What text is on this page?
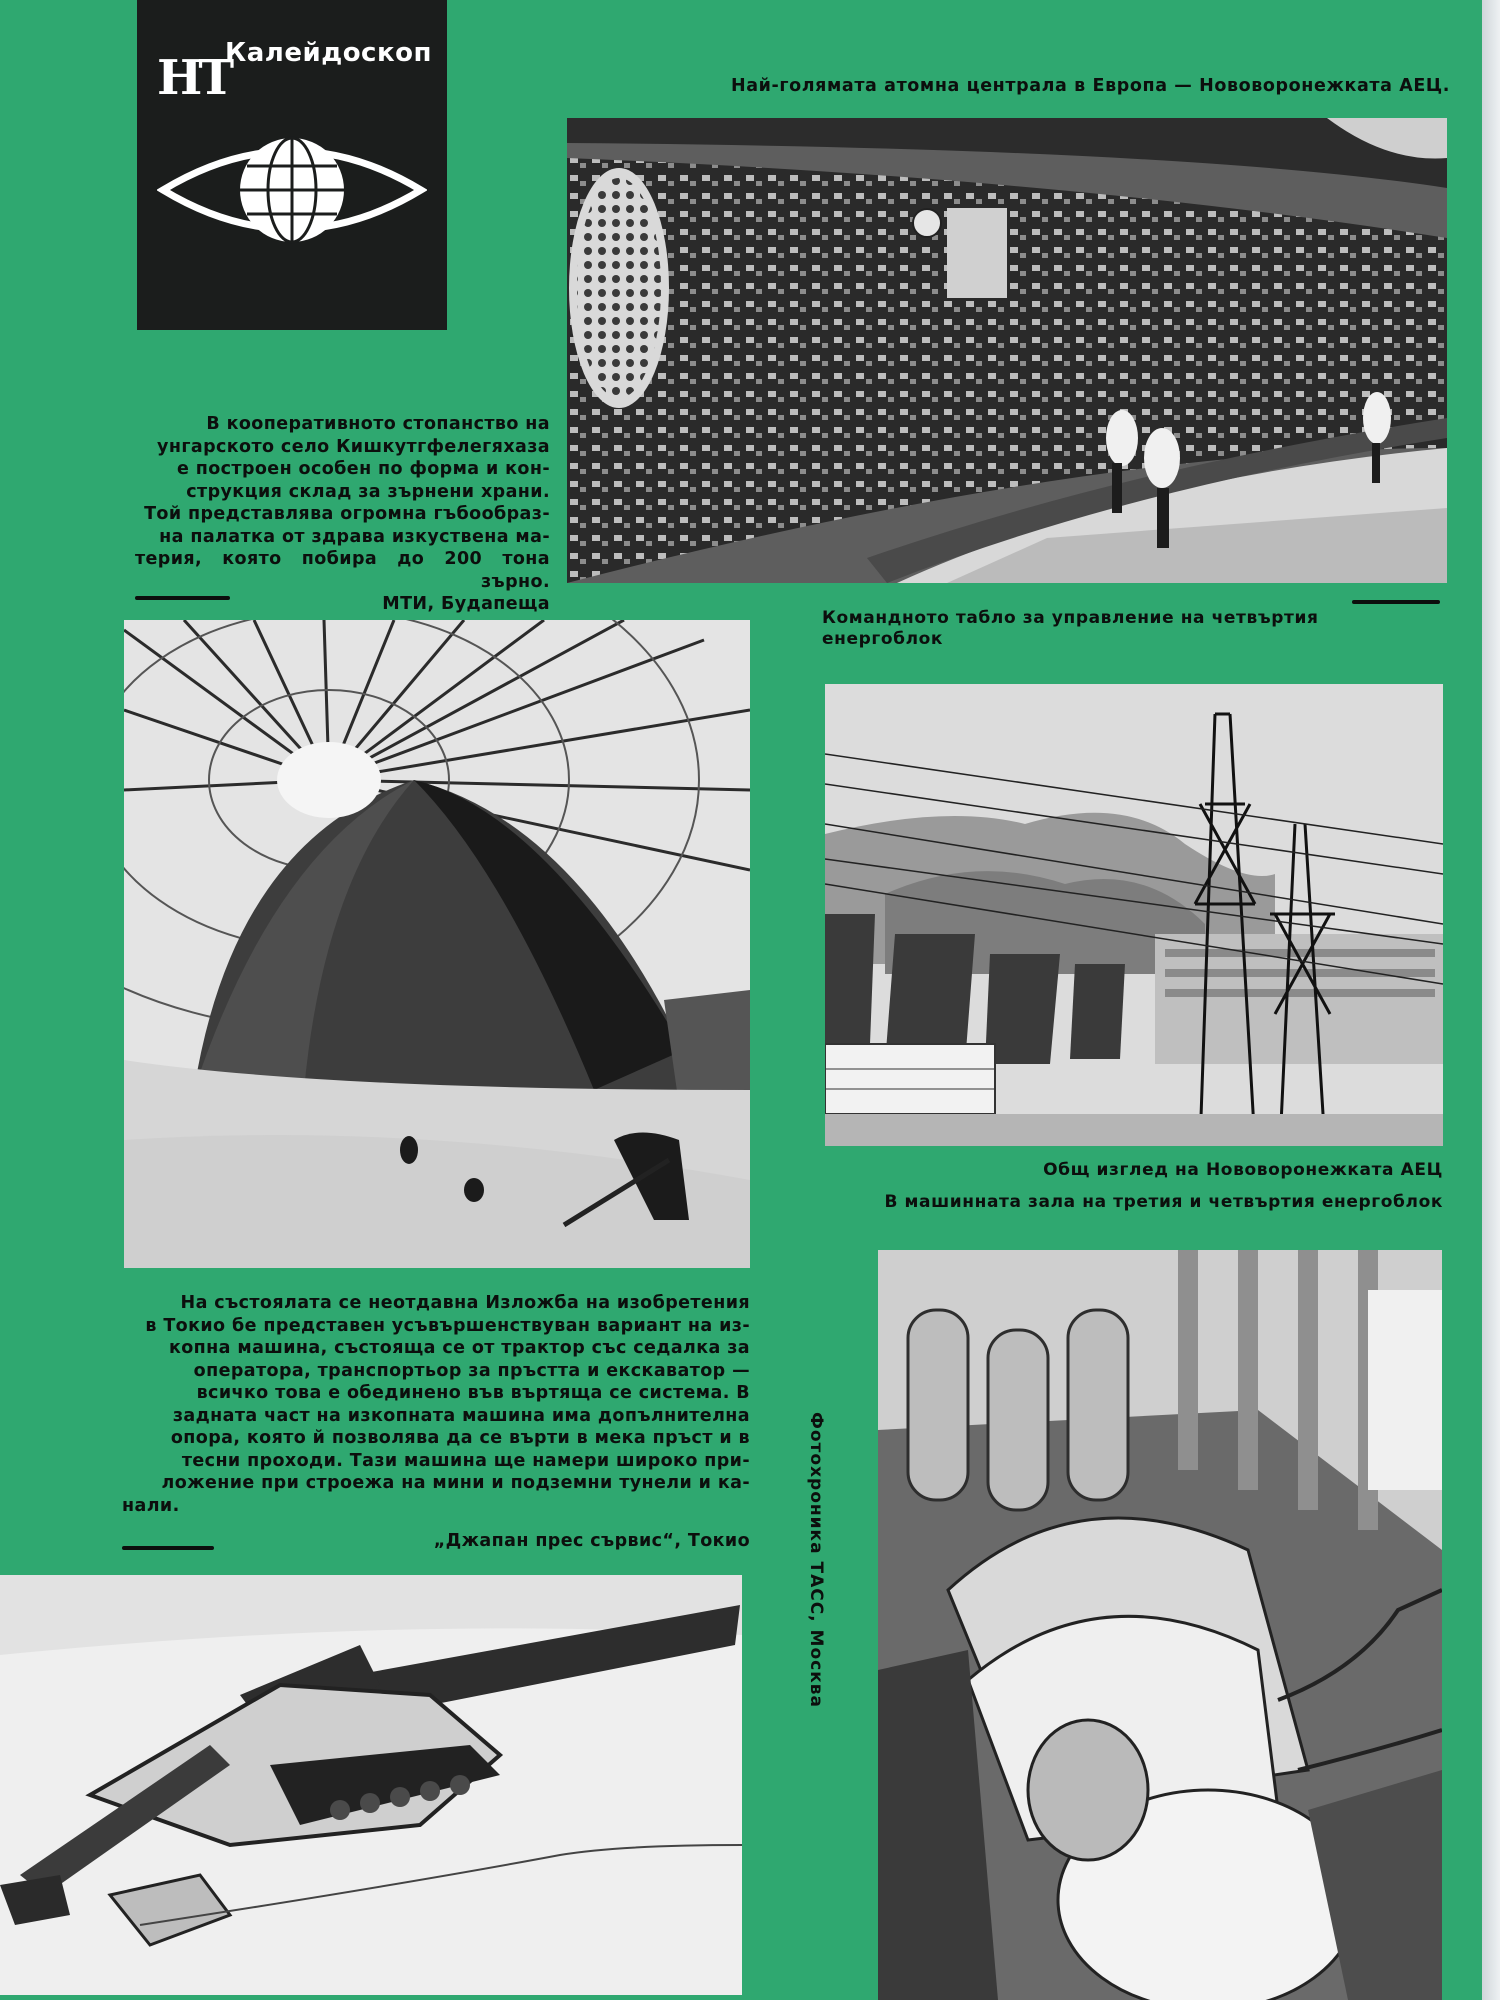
НТ
Калейдоскоп
Най-голямата атомна централа в Европа — Нововоронежката АЕЦ.
В кооперативното стопанство на
унгарското село Кишкутгфелегяхаза
е построен особен по форма и кон-
струкция склад за зърнени храни.
Той представлява огромна гъбообраз-
на палатка от здрава изкуствена ма-
терия, която побира до 200 тона зърно.
МТИ, Будапеща
Командното табло за управление на четвъртия енергоблок
Общ изглед на Нововоронежката АЕЦ
В машинната зала на третия и четвъртия енергоблок
На състоялата се неотдавна Изложба на изобретения
в Токио бе представен усъвършенствуван вариант на из-
копна машина, състояща се от трактор със седалка за
оператора, транспортьор за пръстта и екскаватор —
всичко това е обединено във въртяща се система. В
задната част на изкопната машина има допълнителна
опора, която й позволява да се върти в мека пръст и в
тесни проходи. Тази машина ще намери широко при-
ложение при строежа на мини и подземни тунели и ка-
нали.
„Джапан прес сървис“, Токио	Фотохроника ТАСС, Москва
